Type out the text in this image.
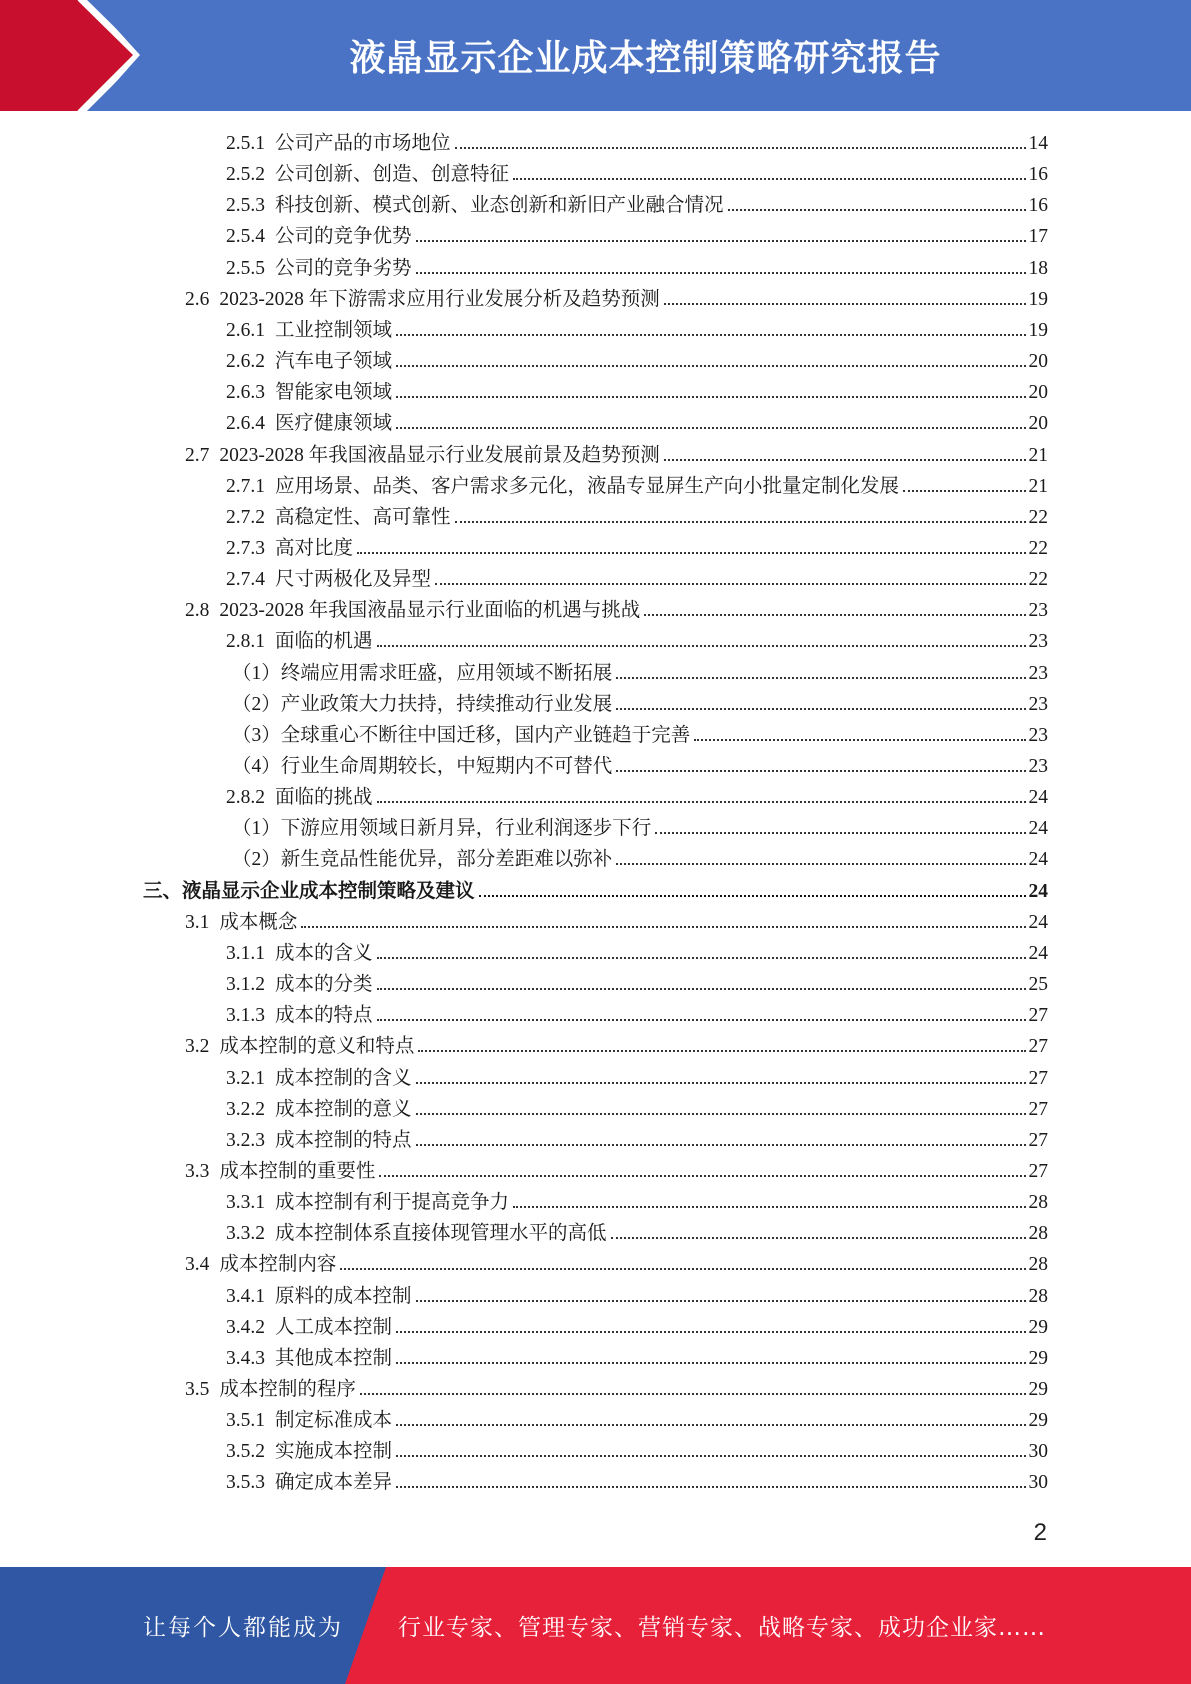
液晶显示企业成本控制策略研究报告
2.5.1 公司产品的市场地位	14
2.5.2 公司创新、创造、创意特征	16
2.5.3 科技创新、模式创新、业态创新和新旧产业融合情况	16
2.5.4 公司的竞争优势	17
2.5.5 公司的竞争劣势	18
2.6 2023-2028 年下游需求应用行业发展分析及趋势预测	19
2.6.1 工业控制领域	19
2.6.2 汽车电子领域	20
2.6.3 智能家电领域	20
2.6.4 医疗健康领域	20
2.7 2023-2028 年我国液晶显示行业发展前景及趋势预测	21
2.7.1 应用场景、品类、客户需求多元化，液晶专显屏生产向小批量定制化发展	21
2.7.2 高稳定性、高可靠性	22
2.7.3 高对比度	22
2.7.4 尺寸两极化及异型	22
2.8 2023-2028 年我国液晶显示行业面临的机遇与挑战	23
2.8.1 面临的机遇	23
（1） 终端应用需求旺盛，应用领域不断拓展	23
（2） 产业政策大力扶持，持续推动行业发展	23
（3） 全球重心不断往中国迁移，国内产业链趋于完善	23
（4） 行业生命周期较长，中短期内不可替代	23
2.8.2 面临的挑战	24
（1） 下游应用领域日新月异，行业利润逐步下行	24
（2） 新生竞品性能优异，部分差距难以弥补	24
三、 液晶显示企业成本控制策略及建议	24
3.1 成本概念	24
3.1.1 成本的含义	24
3.1.2 成本的分类	25
3.1.3 成本的特点	27
3.2 成本控制的意义和特点	27
3.2.1 成本控制的含义	27
3.2.2 成本控制的意义	27
3.2.3 成本控制的特点	27
3.3 成本控制的重要性	27
3.3.1 成本控制有利于提高竞争力	28
3.3.2 成本控制体系直接体现管理水平的高低	28
3.4 成本控制内容	28
3.4.1 原料的成本控制	28
3.4.2 人工成本控制	29
3.4.3 其他成本控制	29
3.5 成本控制的程序	29
3.5.1 制定标准成本	29
3.5.2 实施成本控制	30
3.5.3 确定成本差异	30
2
让每个人都能成为 行业专家、管理专家、营销专家、战略专家、成功企业家……
